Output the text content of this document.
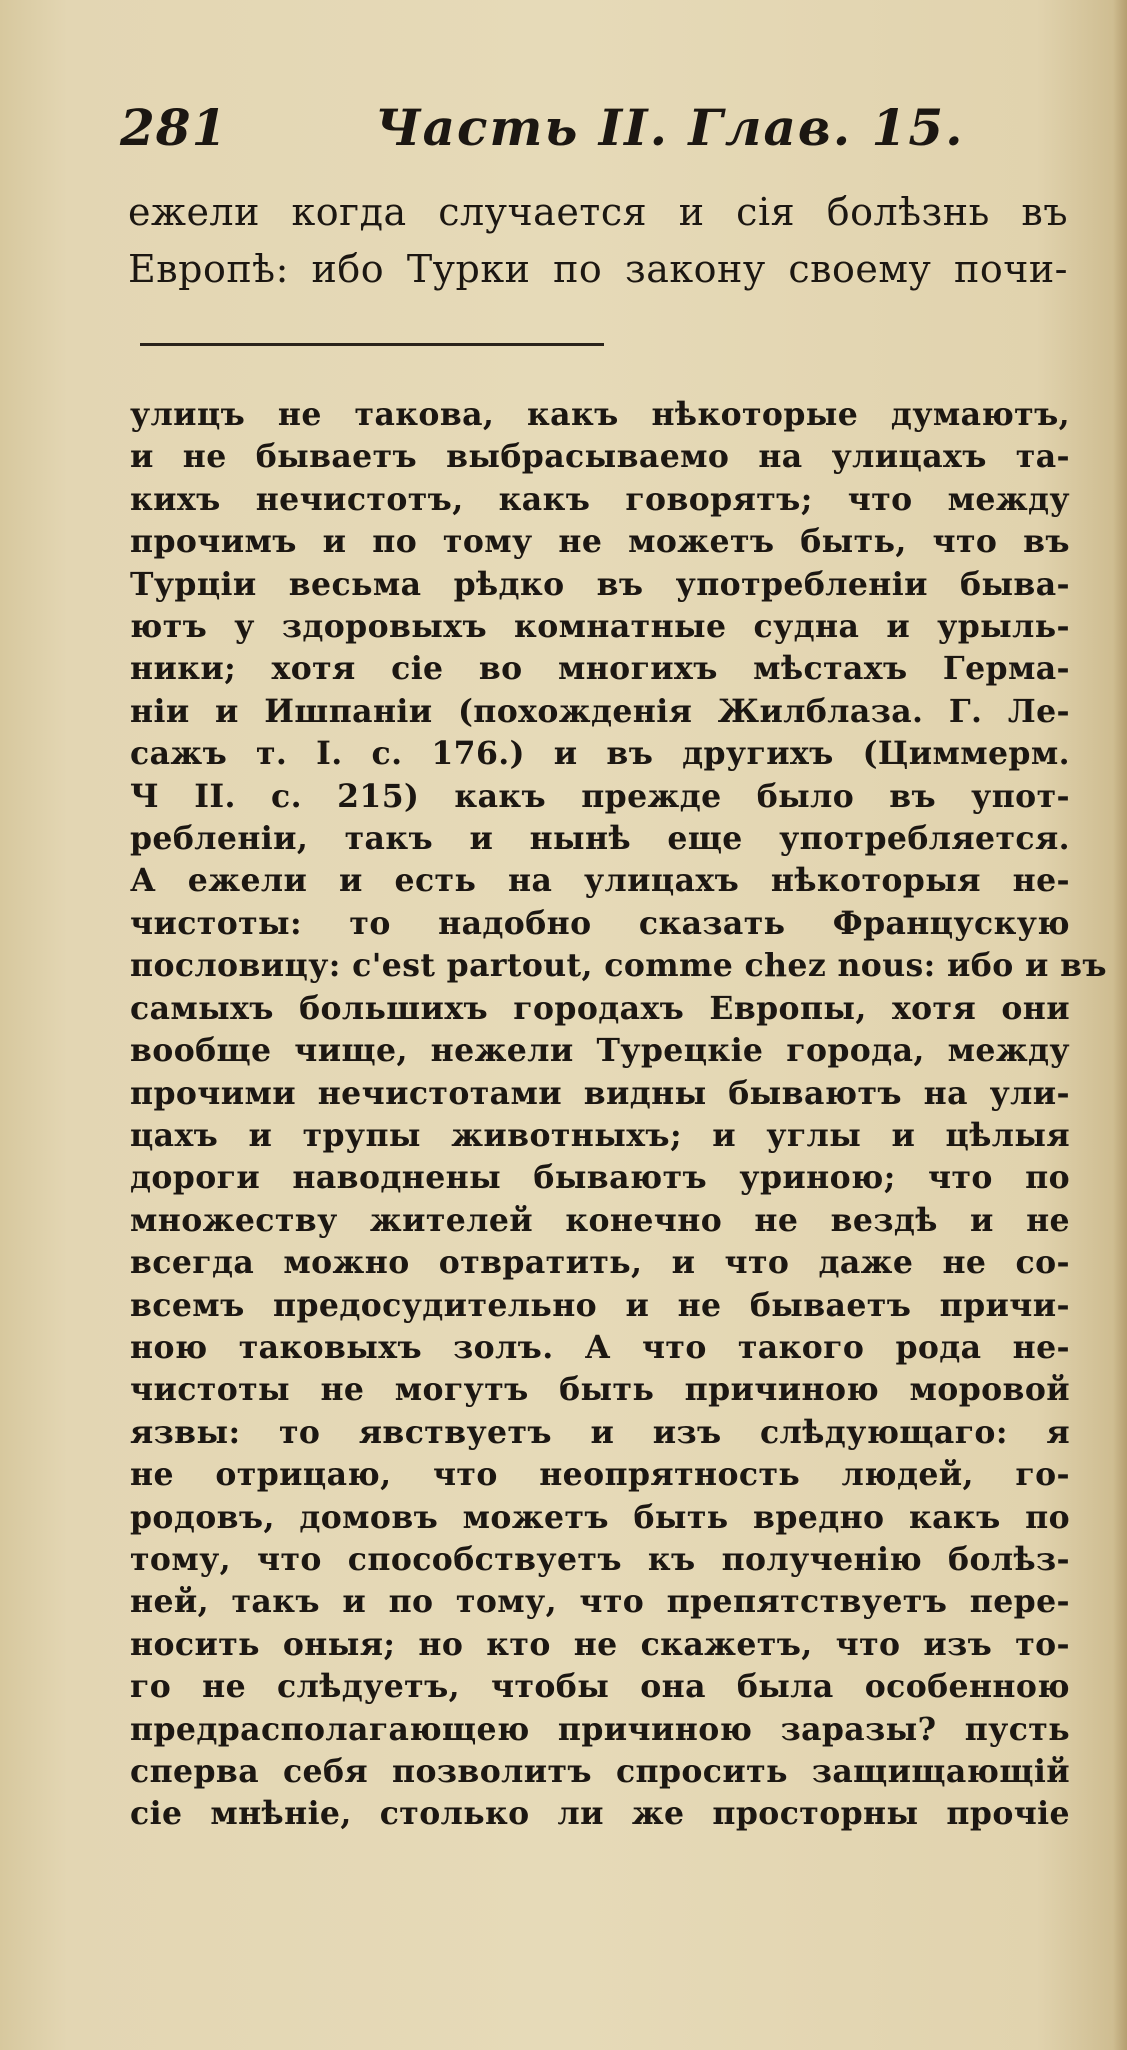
281	Часть II. Глав. 15.
ежели когда случается и сія болѣзнь въ
Европѣ: ибо Турки по закону своему почи-
улицъ не такова, какъ нѣкоторые думаютъ,
и не бываетъ выбрасываемо на улицахъ та-
кихъ нечистотъ, какъ говорятъ; что между
прочимъ и по тому не можетъ быть, что въ
Турціи весьма рѣдко въ употребленіи быва-
ютъ у здоровыхъ комнатные судна и урыль-
ники; хотя сіе во многихъ мѣстахъ Герма-
ніи и Ишпаніи (похожденія Жилблаза. Г. Ле-
сажъ т. I. с. 176.) и въ другихъ (Циммерм.
Ч II. с. 215) какъ прежде было въ упот-
ребленіи, такъ и нынѣ еще употребляется.
А ежели и есть на улицахъ нѣкоторыя не-
чистоты: то надобно сказать Францускую
пословицу: c'est partout, comme chez nous: ибо и въ
самыхъ большихъ городахъ Европы, хотя они
вообще чище, нежели Турецкіе города, между
прочими нечистотами видны бываютъ на ули-
цахъ и трупы животныхъ; и углы и цѣлыя
дороги наводнены бываютъ уриною; что по
множеству жителей конечно не вездѣ и не
всегда можно отвратить, и что даже не со-
всемъ предосудительно и не бываетъ причи-
ною таковыхъ золъ. А что такого рода не-
чистоты не могутъ быть причиною моровой
язвы: то явствуетъ и изъ слѣдующаго: я
не отрицаю, что неопрятность людей, го-
родовъ, домовъ можетъ быть вредно какъ по
тому, что способствуетъ къ полученію болѣз-
ней, такъ и по тому, что препятствуетъ пере-
носить оныя; но кто не скажетъ, что изъ то-
го не слѣдуетъ, чтобы она была особенною
предрасполагающею причиною заразы? пусть
сперва себя позволитъ спросить защищающій
сіе мнѣніе, столько ли же просторны прочіе
